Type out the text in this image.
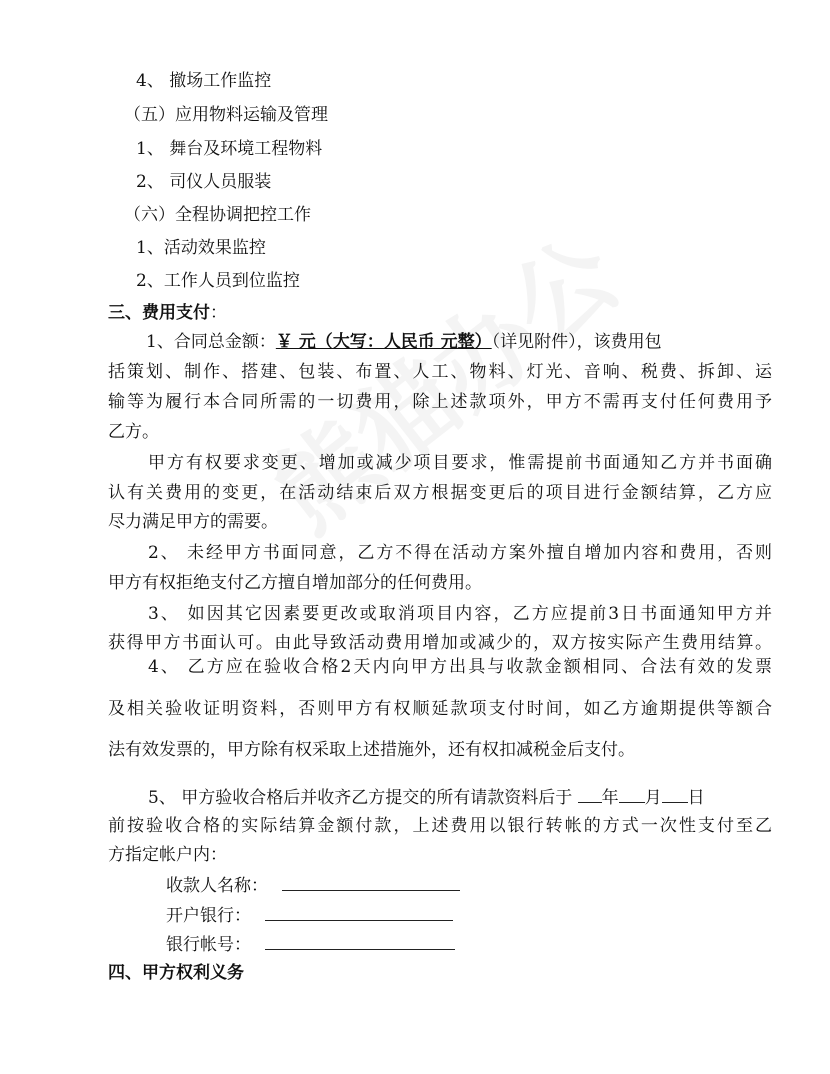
4、 撤场工作监控
（五）应用物料运输及管理
1、 舞台及环境工程物料
2、 司仪人员服装
（六）全程协调把控工作
1、活动效果监控
2、工作人员到位监控
三、费用支付：
1、合同总金额：￥ 元（大写：人民币 元整）（详见附件），该费用包
括策划、制作、搭建、包装、布置、人工、物料、灯光、音响、税费、拆卸、运
输等为履行本合同所需的一切费用，除上述款项外，甲方不需再支付任何费用予
乙方。
甲方有权要求变更、增加或减少项目要求，惟需提前书面通知乙方并书面确
认有关费用的变更，在活动结束后双方根据变更后的项目进行金额结算，乙方应
尽力满足甲方的需要。
2、 未经甲方书面同意，乙方不得在活动方案外擅自增加内容和费用，否则
甲方有权拒绝支付乙方擅自增加部分的任何费用。
3、 如因其它因素要更改或取消项目内容，乙方应提前3日书面通知甲方并
获得甲方书面认可。由此导致活动费用增加或减少的，双方按实际产生费用结算。
4、 乙方应在验收合格2天内向甲方出具与收款金额相同、合法有效的发票
及相关验收证明资料，否则甲方有权顺延款项支付时间，如乙方逾期提供等额合
法有效发票的，甲方除有权采取上述措施外，还有权扣减税金后支付。
5、 甲方验收合格后并收齐乙方提交的所有请款资料后于 年 月 日
前按验收合格的实际结算金额付款，上述费用以银行转帐的方式一次性支付至乙
方指定帐户内：
收款人名称：
开户银行：
银行帐号：
四、甲方权利义务
